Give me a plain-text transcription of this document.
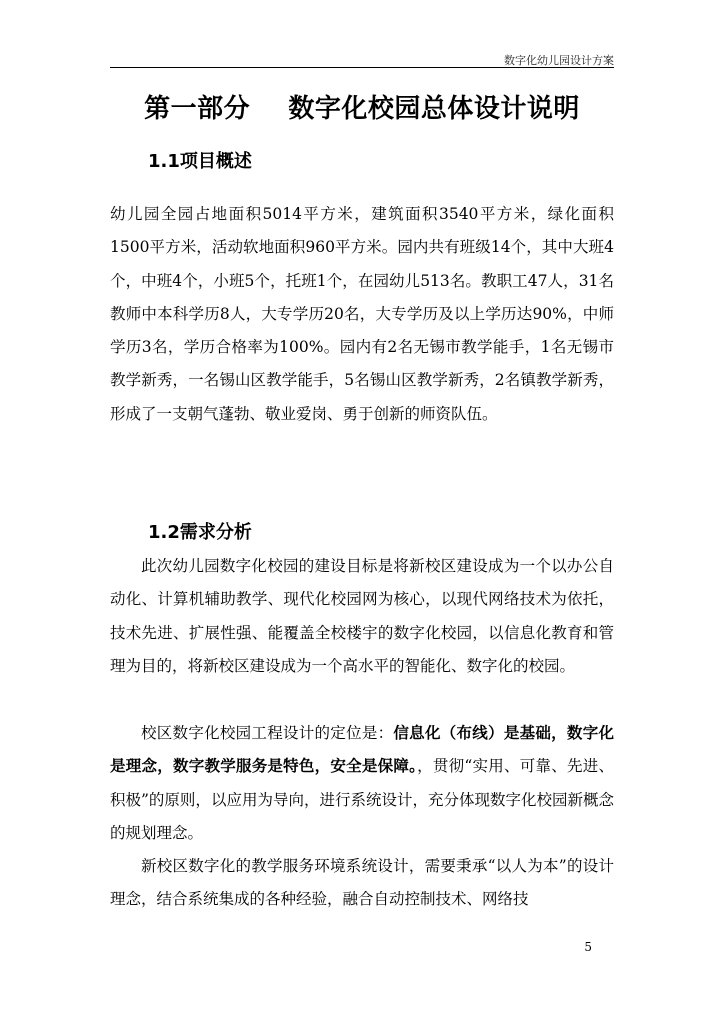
数字化幼儿园设计方案
第一部分    数字化校园总体设计说明
1.1项目概述
幼儿园全园占地面积5014平方米，建筑面积3540平方米，绿化面积1500平方米，活动软地面积960平方米。园内共有班级14个，其中大班4个，中班4个，小班5个，托班1个，在园幼儿513名。教职工47人，31名教师中本科学历8人，大专学历20名，大专学历及以上学历达90%，中师学历3名，学历合格率为100%。园内有2名无锡市教学能手，1名无锡市教学新秀，一名锡山区教学能手，5名锡山区教学新秀，2名镇教学新秀，形成了一支朝气蓬勃、敬业爱岗、勇于创新的师资队伍。
1.2需求分析
此次幼儿园数字化校园的建设目标是将新校区建设成为一个以办公自动化、计算机辅助教学、现代化校园网为核心，以现代网络技术为依托，技术先进、扩展性强、能覆盖全校楼宇的数字化校园，以信息化教育和管理为目的，将新校区建设成为一个高水平的智能化、数字化的校园。
校区数字化校园工程设计的定位是：信息化（布线）是基础，数字化是理念，数字教学服务是特色，安全是保障。，贯彻“实用、可靠、先进、积极”的原则，以应用为导向，进行系统设计，充分体现数字化校园新概念的规划理念。
新校区数字化的教学服务环境系统设计，需要秉承“以人为本”的设计理念，结合系统集成的各种经验，融合自动控制技术、网络技
5
